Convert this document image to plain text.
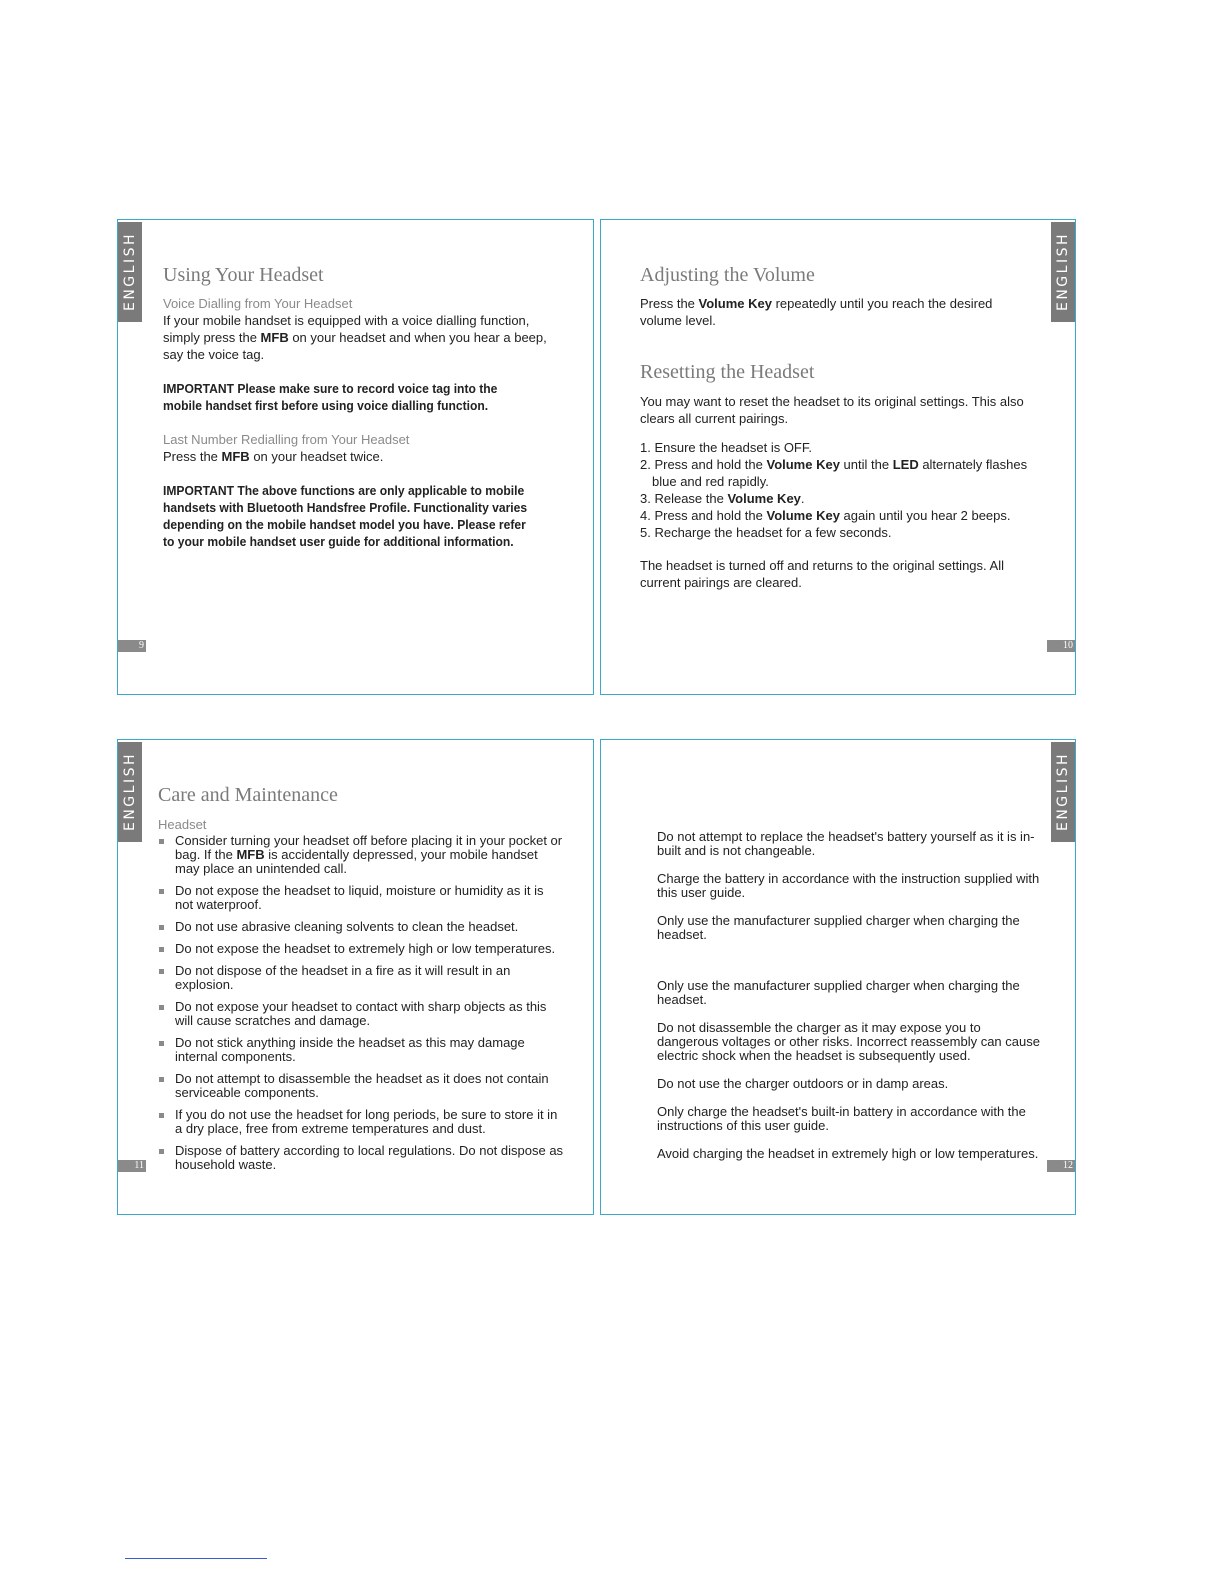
ENGLISH Using Your Headset
Voice Dialling from Your Headset

If your mobile handset is equipped with a voice dialling function, simply press the MFB on your headset and when you hear a beep, say the voice tag.

IMPORTANT Please make sure to record voice tag into the mobile handset first before using voice dialling function.

Last Number Redialling from Your Headset

Press the MFB on your headset twice.

IMPORTANT The above functions are only applicable to mobile handsets with Bluetooth Handsfree Profile. Functionality varies depending on the mobile handset model you have. Please refer to your mobile handset user guide for additional information.

9
ENGLISH
Adjusting the Volume

Press the Volume Key repeatedly until you reach the desired volume level.

Resetting the Headset

You may want to reset the headset to its original settings. This also clears all current pairings.

1. Ensure the headset is OFF.
2. Press and hold the Volume Key until the LED alternately flashes blue and red rapidly.
3. Release the Volume Key.
4. Press and hold the Volume Key again until you hear 2 beeps.
5. Recharge the headset for a few seconds.

The headset is turned off and returns to the original settings. All current pairings are cleared.

10
ENGLISH Care and Maintenance
Headset
Consider turning your headset off before placing it in your pocket or bag. If the MFB is accidentally depressed, your mobile handset may place an unintended call.
Do not expose the headset to liquid, moisture or humidity as it is not waterproof.
Do not use abrasive cleaning solvents to clean the headset.
Do not expose the headset to extremely high or low temperatures.
Do not dispose of the headset in a fire as it will result in an explosion.
Do not expose your headset to contact with sharp objects as this will cause scratches and damage.
Do not stick anything inside the headset as this may damage internal components.
Do not attempt to disassemble the headset as it does not contain serviceable components.
If you do not use the headset for long periods, be sure to store it in a dry place, free from extreme temperatures and dust.
Dispose of battery according to local regulations. Do not dispose as household waste.
11
ENGLISH

Do not attempt to replace the headset's battery yourself as it is in-built and is not changeable.

Charge the battery in accordance with the instruction supplied with this user guide.

Only use the manufacturer supplied charger when charging the headset.

Only use the manufacturer supplied charger when charging the headset.

Do not disassemble the charger as it may expose you to dangerous voltages or other risks. Incorrect reassembly can cause electric shock when the headset is subsequently used.

Do not use the charger outdoors or in damp areas.

Only charge the headset's built-in battery in accordance with the instructions of this user guide.

Avoid charging the headset in extremely high or low temperatures.

12
